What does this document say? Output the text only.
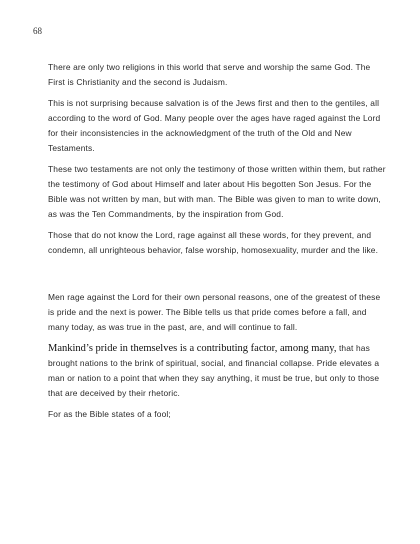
68

There are only two religions in this world that serve and worship the same God. The First is Christianity and the second is Judaism.

This is not surprising because salvation is of the Jews first and then to the gentiles, all according to the word of God. Many people over the ages have raged against the Lord for their inconsistencies in the acknowledgment of the truth of the Old and New Testaments.

These two testaments are not only the testimony of those written within them, but rather the testimony of God about Himself and later about His begotten Son Jesus. For the Bible was not written by man, but with man. The Bible was given to man to write down, as was the Ten Commandments, by the inspiration from God.

Those that do not know the Lord, rage against all these words, for they prevent, and condemn, all unrighteous behavior, false worship, homosexuality, murder and the like.

Men rage against the Lord for their own personal reasons, one of the greatest of these is pride and the next is power. The Bible tells us that pride comes before a fall, and many today, as was true in the past, are, and will continue to fall.

Mankind’s pride in themselves is a contributing factor, among many, that has brought nations to the brink of spiritual, social, and financial collapse. Pride elevates a man or nation to a point that when they say anything, it must be true, but only to those that are deceived by their rhetoric.

For as the Bible states of a fool;
